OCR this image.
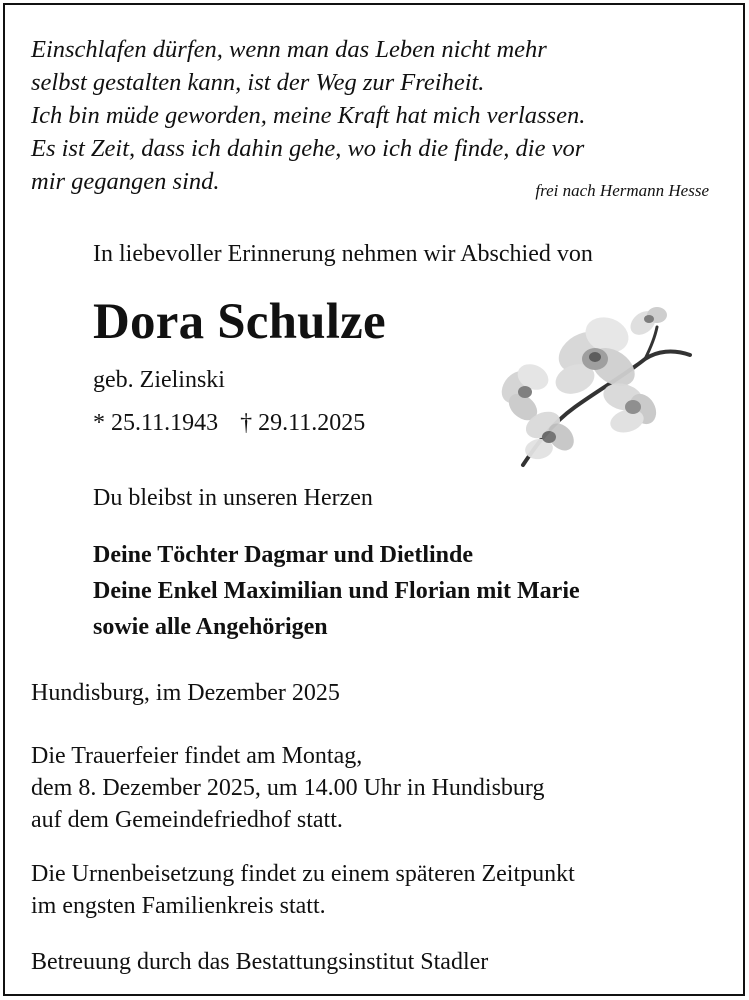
Einschlafen dürfen, wenn man das Leben nicht mehr
selbst gestalten kann, ist der Weg zur Freiheit.
Ich bin müde geworden, meine Kraft hat mich verlassen.
Es ist Zeit, dass ich dahin gehe, wo ich die finde, die vor
mir gegangen sind.	frei nach Hermann Hesse
In liebevoller Erinnerung nehmen wir Abschied von
Dora Schulze
geb. Zielinski
* 25.11.1943 † 29.11.2025
Du bleibst in unseren Herzen
Deine Töchter Dagmar und Dietlinde
Deine Enkel Maximilian und Florian mit Marie
sowie alle Angehörigen
Hundisburg, im Dezember 2025
Die Trauerfeier findet am Montag,
dem 8. Dezember 2025, um 14.00 Uhr in Hundisburg
auf dem Gemeindefriedhof statt.
Die Urnenbeisetzung findet zu einem späteren Zeitpunkt
im engsten Familienkreis statt.
Betreuung durch das Bestattungsinstitut Stadler
